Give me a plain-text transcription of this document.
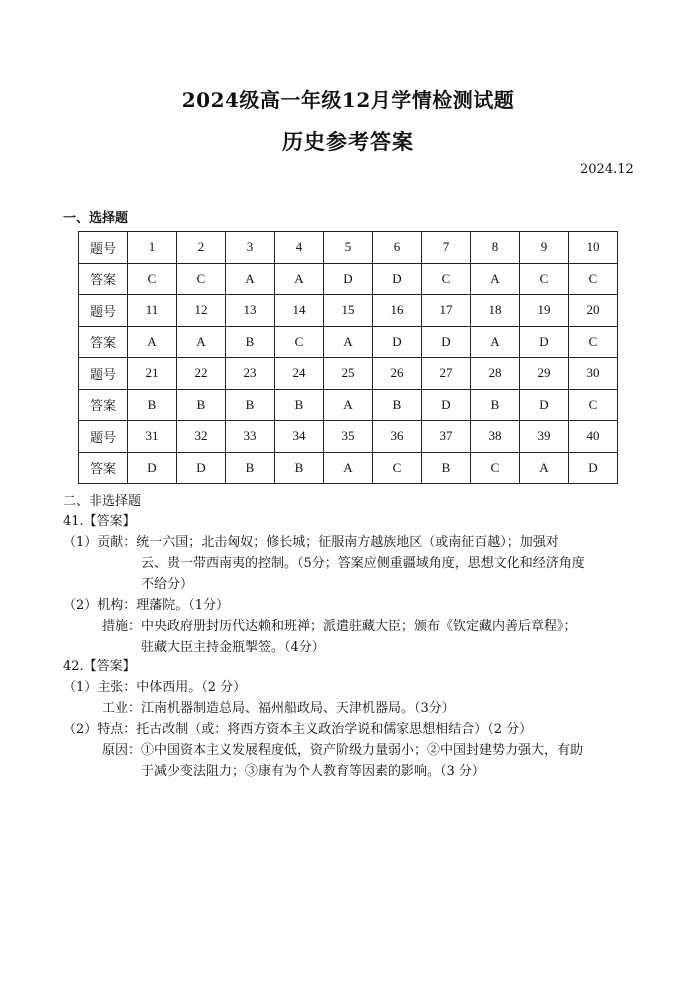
2024级高一年级12月学情检测试题
历史参考答案
2024.12
一、选择题
题号	1	2	3	4	5	6	7	8	9	10
答案	C	C	A	A	D	D	C	A	C	C
题号	11	12	13	14	15	16	17	18	19	20
答案	A	A	B	C	A	D	D	A	D	C
题号	21	22	23	24	25	26	27	28	29	30
答案	B	B	B	B	A	B	D	B	D	C
题号	31	32	33	34	35	36	37	38	39	40
答案	D	D	B	B	A	C	B	C	A	D
二、非选择题
41.【答案】
（1）贡献： 统一六国；北击匈奴；修长城；征服南方越族地区（或南征百越）；加强对
云、贵一带西南夷的控制。（5分；答案应侧重疆域角度，思想文化和经济角度
不给分）
（2）机构： 理藩院。（1分）
措施： 中央政府册封历代达赖和班禅；派遣驻藏大臣；颁布《钦定藏内善后章程》；
驻藏大臣主持金瓶掣签。（4分）
42.【答案】
（1）主张： 中体西用。（2 分）
工业： 江南机器制造总局、福州船政局、天津机器局。（3分）
（2）特点： 托古改制（或：将西方资本主义政治学说和儒家思想相结合）（2 分）
原因： ①中国资本主义发展程度低，资产阶级力量弱小；②中国封建势力强大，有助
于减少变法阻力；③康有为个人教育等因素的影响。（3 分）
